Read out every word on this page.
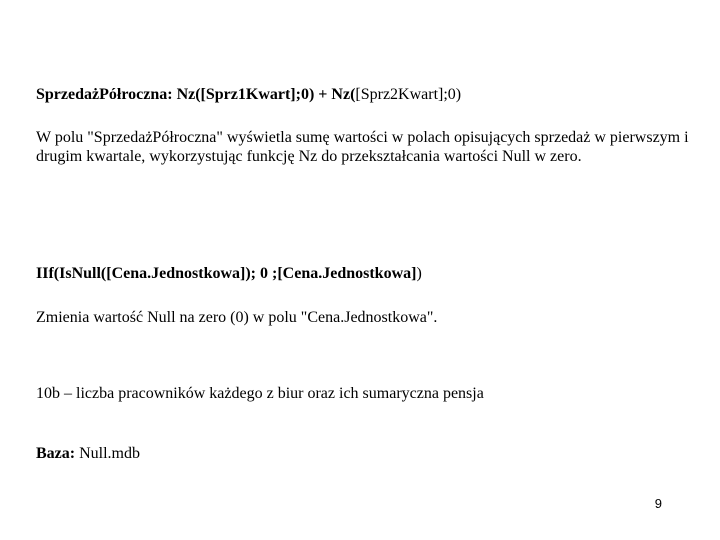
SprzedażPółroczna: Nz([Sprz1Kwart];0) + Nz([Sprz2Kwart];0)

W polu "SprzedażPółroczna" wyświetla sumę wartości w polach opisujących sprzedaż w pierwszym i drugim kwartale, wykorzystując funkcję Nz do przekształcania wartości Null w zero.

IIf(IsNull([Cena.Jednostkowa]); 0 ;[Cena.Jednostkowa])

Zmienia wartość Null na zero (0) w polu "Cena.Jednostkowa".

10b – liczba pracowników każdego z biur oraz ich sumaryczna pensja

Baza: Null.mdb

9
